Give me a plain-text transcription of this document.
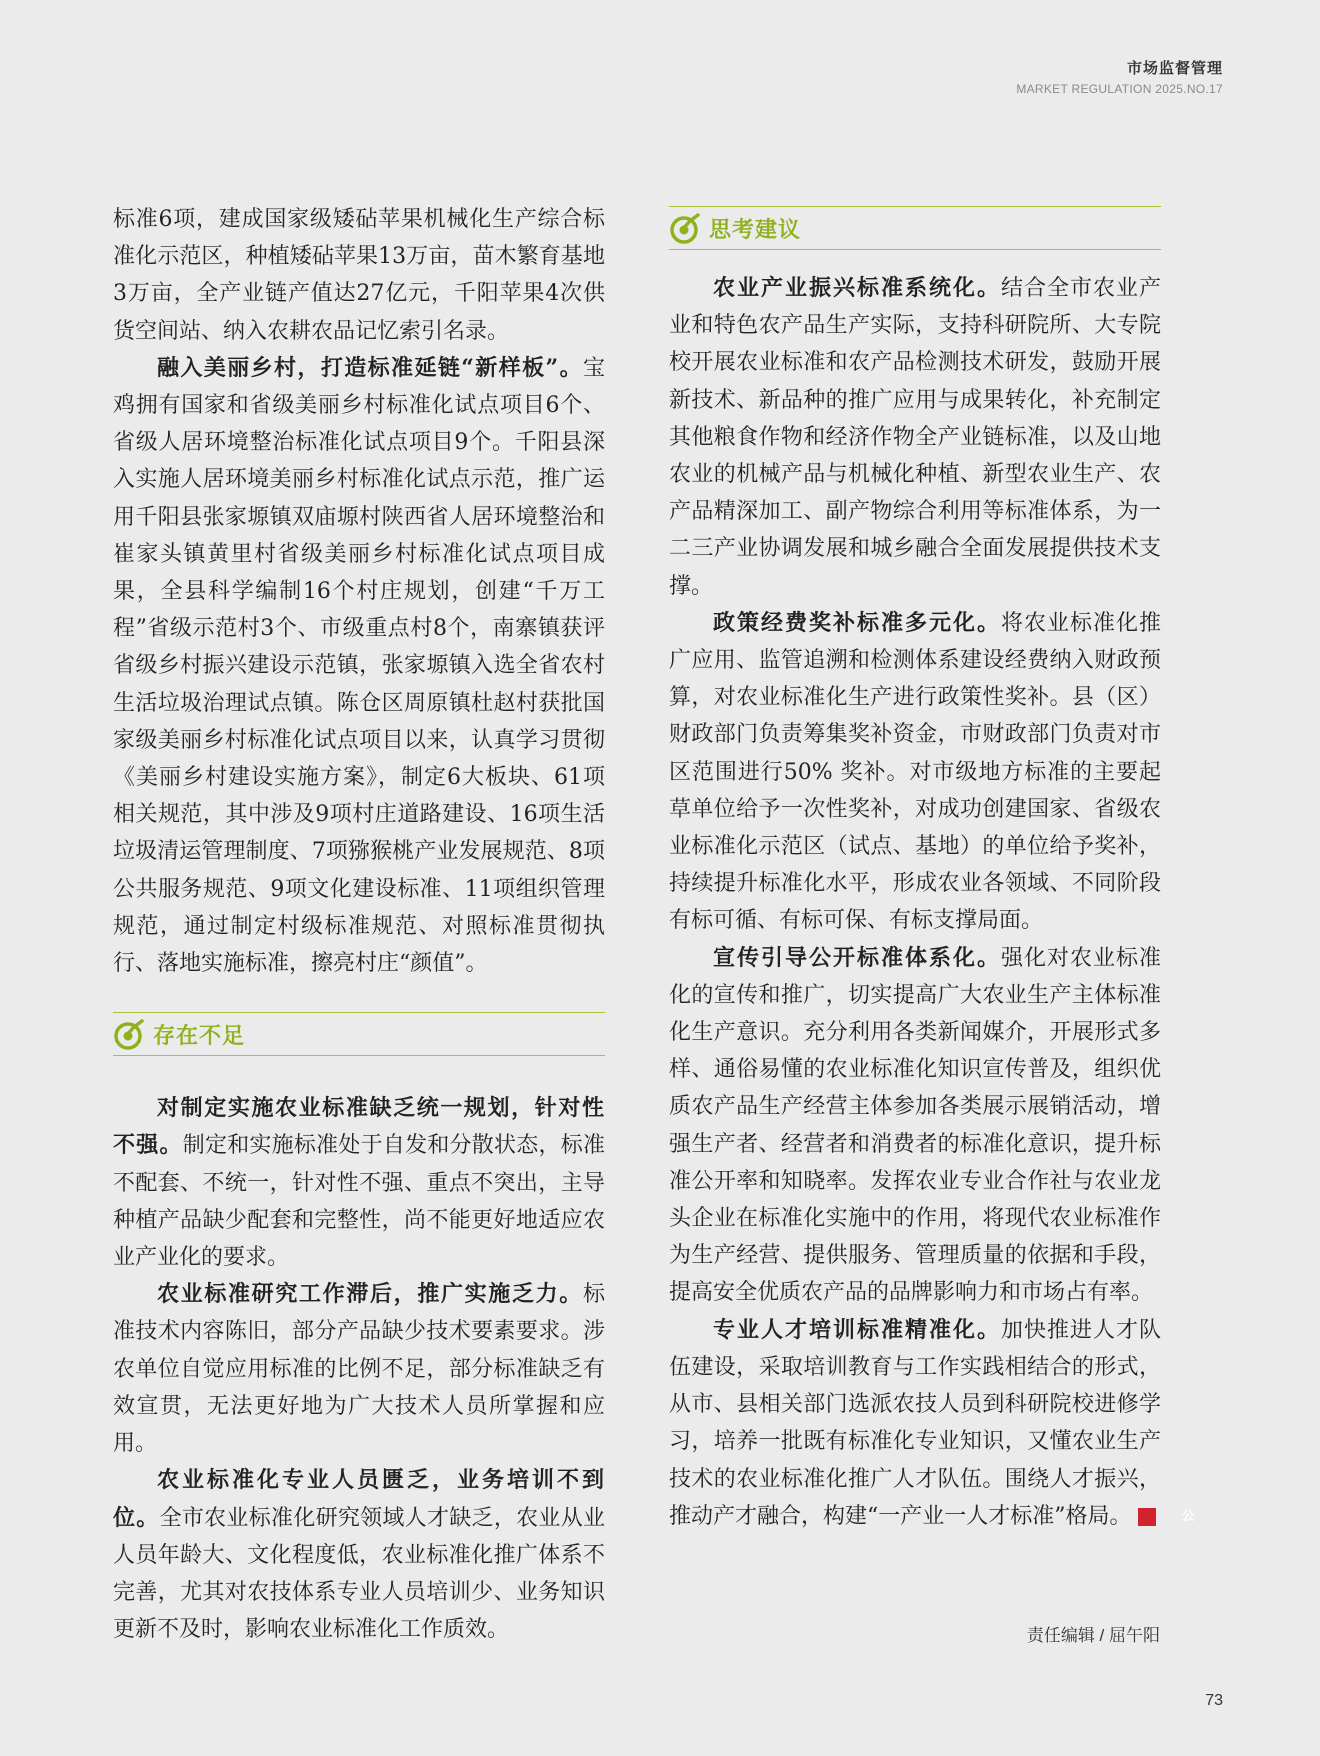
市场监督管理
MARKET REGULATION 2025.NO.17

标准6项，建成国家级矮砧苹果机械化生产综合标准化示范区，种植矮砧苹果13万亩，苗木繁育基地3万亩，全产业链产值达27亿元，千阳苹果4次供货空间站、纳入农耕农品记忆索引名录。

融入美丽乡村，打造标准延链“新样板”。宝鸡拥有国家和省级美丽乡村标准化试点项目6个、省级人居环境整治标准化试点项目9个。千阳县深入实施人居环境美丽乡村标准化试点示范，推广运用千阳县张家塬镇双庙塬村陕西省人居环境整治和崔家头镇黄里村省级美丽乡村标准化试点项目成果，全县科学编制16个村庄规划，创建“千万工程”省级示范村3个、市级重点村8个，南寨镇获评省级乡村振兴建设示范镇，张家塬镇入选全省农村生活垃圾治理试点镇。陈仓区周原镇杜赵村获批国家级美丽乡村标准化试点项目以来，认真学习贯彻《美丽乡村建设实施方案》，制定6大板块、61项相关规范，其中涉及9项村庄道路建设、16项生活垃圾清运管理制度、7项猕猴桃产业发展规范、8项公共服务规范、9项文化建设标准、11项组织管理规范，通过制定村级标准规范、对照标准贯彻执行、落地实施标准，擦亮村庄“颜值”。

存在不足

对制定实施农业标准缺乏统一规划，针对性不强。制定和实施标准处于自发和分散状态，标准不配套、不统一，针对性不强、重点不突出，主导种植产品缺少配套和完整性，尚不能更好地适应农业产业化的要求。

农业标准研究工作滞后，推广实施乏力。标准技术内容陈旧，部分产品缺少技术要素要求。涉农单位自觉应用标准的比例不足，部分标准缺乏有效宣贯，无法更好地为广大技术人员所掌握和应用。

农业标准化专业人员匮乏，业务培训不到位。全市农业标准化研究领域人才缺乏，农业从业人员年龄大、文化程度低，农业标准化推广体系不完善，尤其对农技体系专业人员培训少、业务知识更新不及时，影响农业标准化工作质效。

思考建议

农业产业振兴标准系统化。结合全市农业产业和特色农产品生产实际，支持科研院所、大专院校开展农业标准和农产品检测技术研发，鼓励开展新技术、新品种的推广应用与成果转化，补充制定其他粮食作物和经济作物全产业链标准，以及山地农业的机械产品与机械化种植、新型农业生产、农产品精深加工、副产物综合利用等标准体系，为一二三产业协调发展和城乡融合全面发展提供技术支撑。

政策经费奖补标准多元化。将农业标准化推广应用、监管追溯和检测体系建设经费纳入财政预算，对农业标准化生产进行政策性奖补。县（区）财政部门负责筹集奖补资金，市财政部门负责对市区范围进行50% 奖补。对市级地方标准的主要起草单位给予一次性奖补，对成功创建国家、省级农业标准化示范区（试点、基地）的单位给予奖补，持续提升标准化水平，形成农业各领域、不同阶段有标可循、有标可保、有标支撑局面。

宣传引导公开标准体系化。强化对农业标准化的宣传和推广，切实提高广大农业生产主体标准化生产意识。充分利用各类新闻媒介，开展形式多样、通俗易懂的农业标准化知识宣传普及，组织优质农产品生产经营主体参加各类展示展销活动，增强生产者、经营者和消费者的标准化意识，提升标准公开率和知晓率。发挥农业专业合作社与农业龙头企业在标准化实施中的作用，将现代农业标准作为生产经营、提供服务、管理质量的依据和手段，提高安全优质农产品的品牌影响力和市场占有率。

专业人才培训标准精准化。加快推进人才队伍建设，采取培训教育与工作实践相结合的形式，从市、县相关部门选派农技人员到科研院校进修学习，培养一批既有标准化专业知识，又懂农业生产技术的农业标准化推广人才队伍。围绕人才振兴，推动产才融合，构建“一产业一人才标准”格局。	公

责任编辑 / 屈午阳
73
